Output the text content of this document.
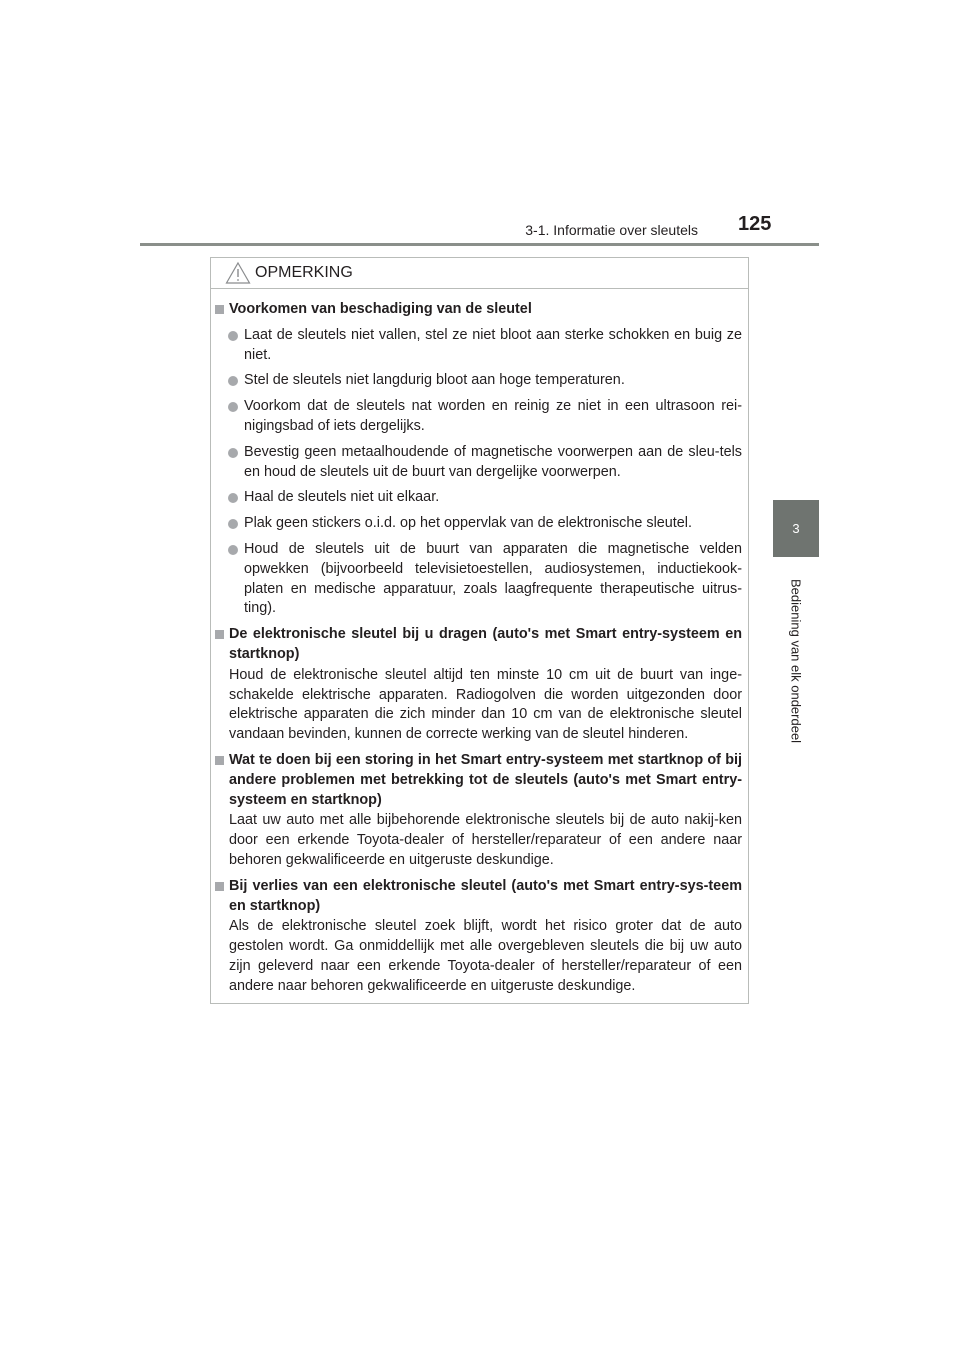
3-1. Informatie over sleutels 125
3
Bediening van elk onderdeel
OPMERKING
Voorkomen van beschadiging van de sleutel
Laat de sleutels niet vallen, stel ze niet bloot aan sterke schokken en buig ze niet.
Stel de sleutels niet langdurig bloot aan hoge temperaturen.
Voorkom dat de sleutels nat worden en reinig ze niet in een ultrasoon rei-nigingsbad of iets dergelijks.
Bevestig geen metaalhoudende of magnetische voorwerpen aan de sleu-tels en houd de sleutels uit de buurt van dergelijke voorwerpen.
Haal de sleutels niet uit elkaar.
Plak geen stickers o.i.d. op het oppervlak van de elektronische sleutel.
Houd de sleutels uit de buurt van apparaten die magnetische velden opwekken (bijvoorbeeld televisietoestellen, audiosystemen, inductiekook-platen en medische apparatuur, zoals laagfrequente therapeutische uitrus-ting).
De elektronische sleutel bij u dragen (auto's met Smart entry-systeem en startknop)
Houd de elektronische sleutel altijd ten minste 10 cm uit de buurt van inge-schakelde elektrische apparaten. Radiogolven die worden uitgezonden door elektrische apparaten die zich minder dan 10 cm van de elektronische sleutel vandaan bevinden, kunnen de correcte werking van de sleutel hinderen.
Wat te doen bij een storing in het Smart entry-systeem met startknop of bij andere problemen met betrekking tot de sleutels (auto's met Smart entry-systeem en startknop)
Laat uw auto met alle bijbehorende elektronische sleutels bij de auto nakij-ken door een erkende Toyota-dealer of hersteller/reparateur of een andere naar behoren gekwalificeerde en uitgeruste deskundige.
Bij verlies van een elektronische sleutel (auto's met Smart entry-sys-teem en startknop)
Als de elektronische sleutel zoek blijft, wordt het risico groter dat de auto gestolen wordt. Ga onmiddellijk met alle overgebleven sleutels die bij uw auto zijn geleverd naar een erkende Toyota-dealer of hersteller/reparateur of een andere naar behoren gekwalificeerde en uitgeruste deskundige.
